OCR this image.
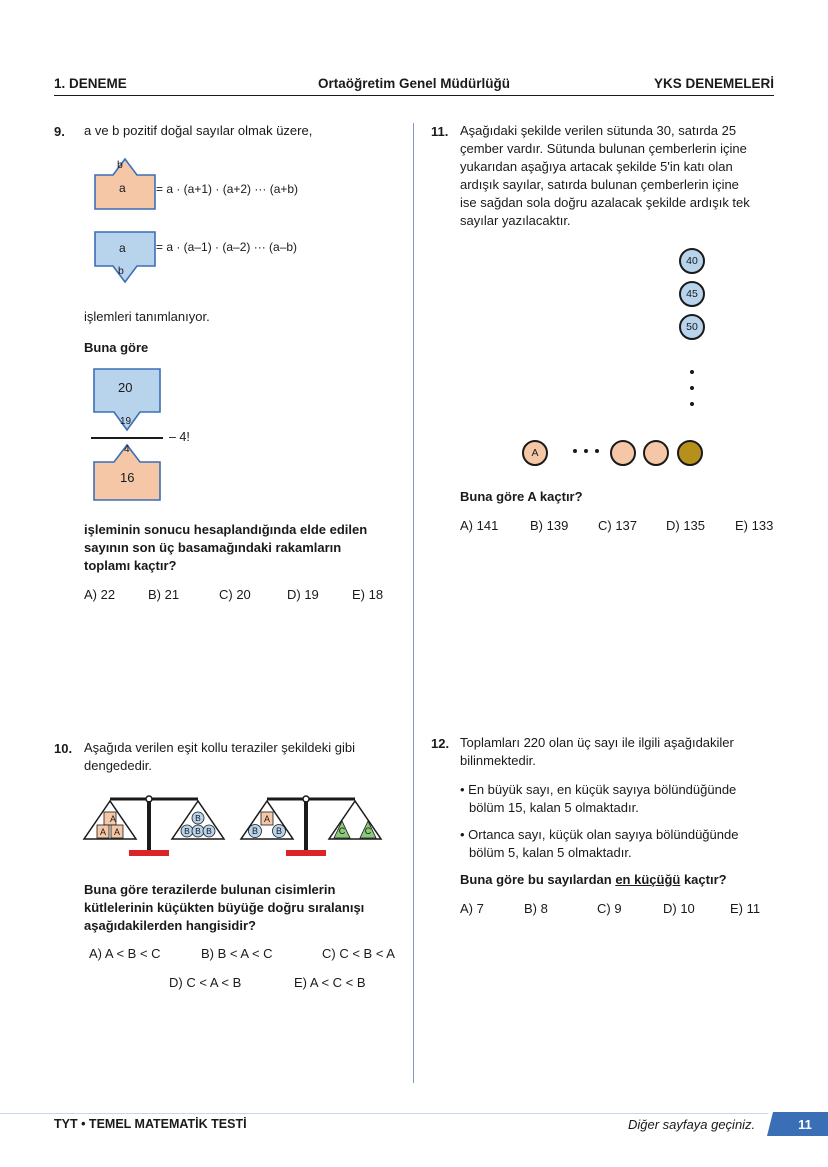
1. DENEME	Ortaöğretim Genel Müdürlüğü	YKS DENEMELERİ
9. a ve b pozitif doğal sayılar olmak üzere,
b
a	= a · (a+1) · (a+2) ··· (a+b)
a
b
= a · (a–1) · (a–2) ··· (a–b)
işlemleri tanımlanıyor.
Buna göre
20
19
– 4!
4
16
işleminin sonucu hesaplandığında elde edilen
sayının son üç basamağındaki rakamların
toplamı kaçtır?
A) 22	B) 21	C) 20	D) 19	E) 18
10. Aşağıda verilen eşit kollu teraziler şekildeki gibi
dengededir.
A
A A
B
B B B
A
B	B	C	C
Buna göre terazilerde bulunan cisimlerin
kütlelerinin küçükten büyüğe doğru sıralanışı
aşağıdakilerden hangisidir?
A) A < B < C	B) B < A < C	C) C < B < A
D) C < A < B	E) A < C < B
11. Aşağıdaki şekilde verilen sütunda 30, satırda 25
çember vardır. Sütunda bulunan çemberlerin içine
yukarıdan aşağıya artacak şekilde 5'in katı olan
ardışık sayılar, satırda bulunan çemberlerin içine
ise sağdan sola doğru azalacak şekilde ardışık tek
sayılar yazılacaktır.
40
45
50
A
Buna göre A kaçtır?
A) 141 B) 139 C) 137 D) 135 E) 133
12. Toplamları 220 olan üç sayı ile ilgili aşağıdakiler
bilinmektedir.
• En büyük sayı, en küçük sayıya bölündüğünde
bölüm 15, kalan 5 olmaktadır.
• Ortanca sayı, küçük olan sayıya bölündüğünde
bölüm 5, kalan 5 olmaktadır.
Buna göre bu sayılardan en küçüğü kaçtır?
A) 7	B) 8	C) 9	D) 10	E) 11
TYT • TEMEL MATEMATİK TESTİ	Diğer sayfaya geçiniz.	11
